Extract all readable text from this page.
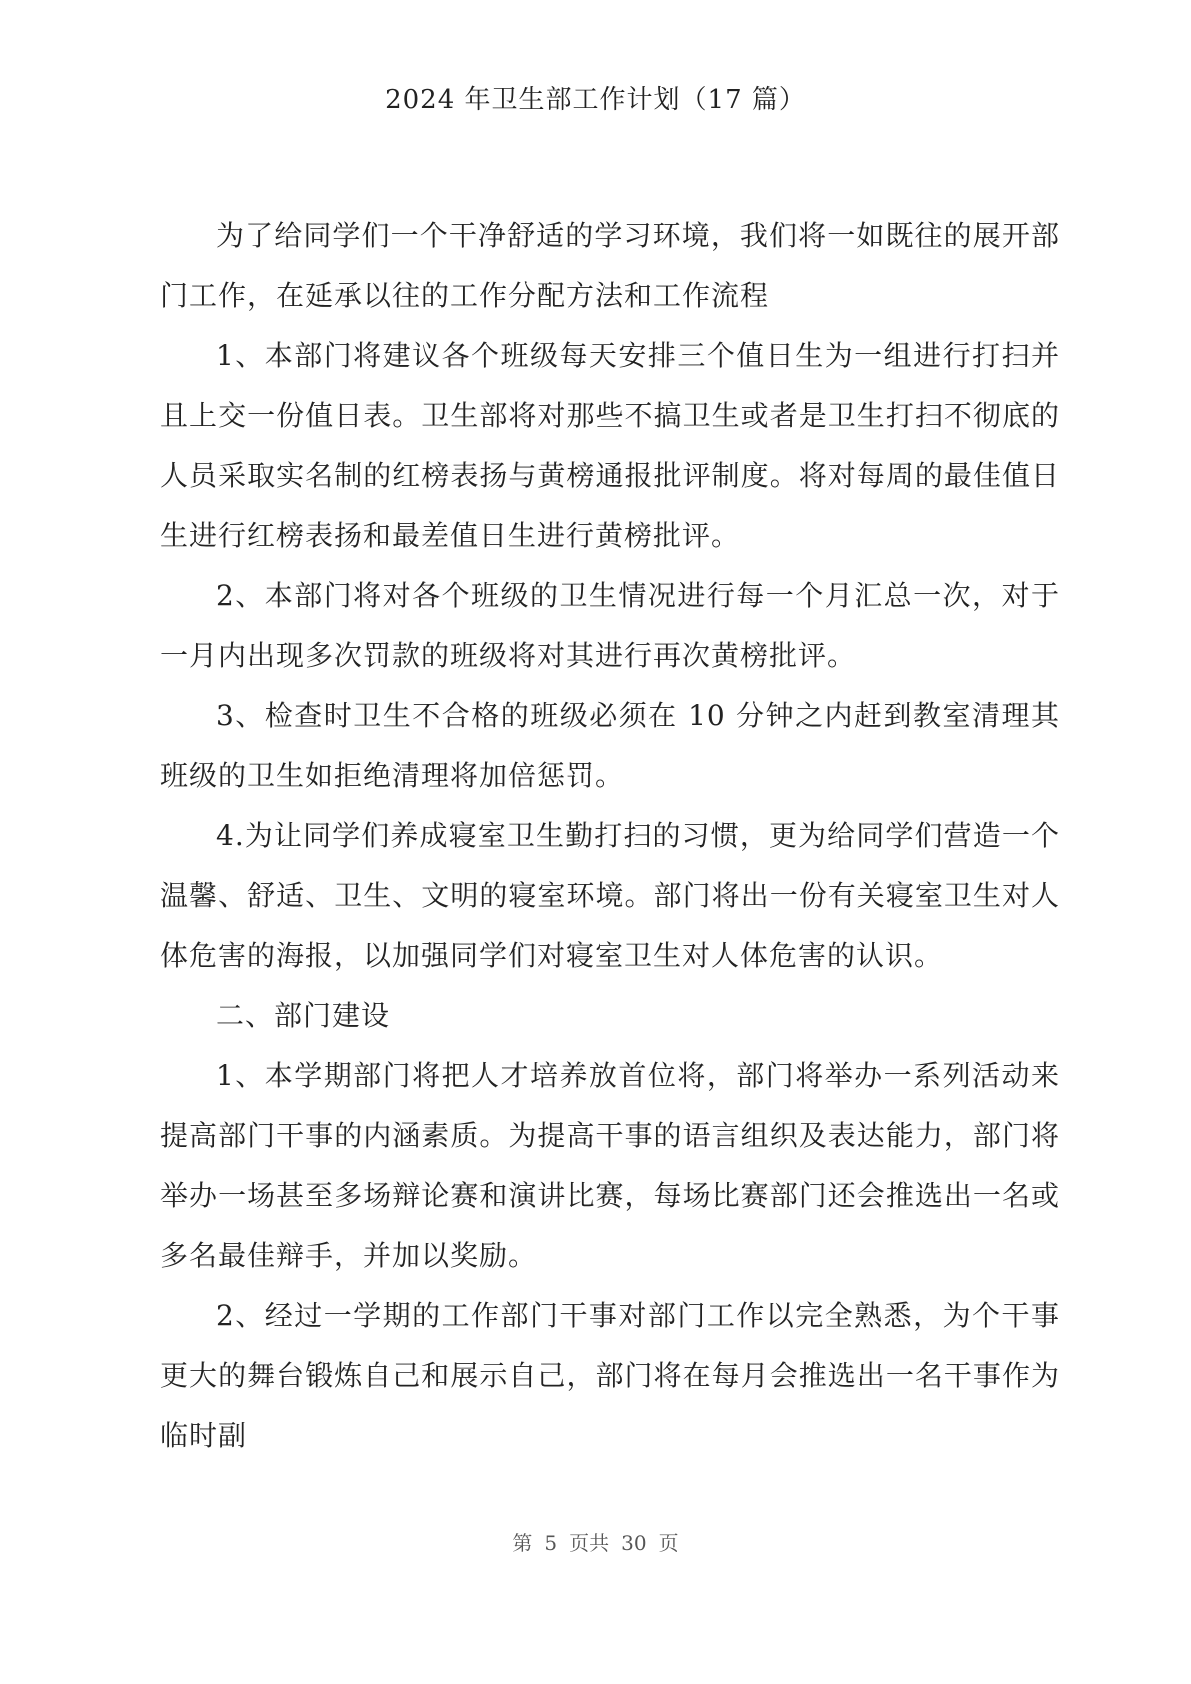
2024 年卫生部工作计划（17 篇）

为了给同学们一个干净舒适的学习环境，我们将一如既往的展开部门工作，在延承以往的工作分配方法和工作流程

1、本部门将建议各个班级每天安排三个值日生为一组进行打扫并且上交一份值日表。卫生部将对那些不搞卫生或者是卫生打扫不彻底的人员采取实名制的红榜表扬与黄榜通报批评制度。将对每周的最佳值日生进行红榜表扬和最差值日生进行黄榜批评。

2、本部门将对各个班级的卫生情况进行每一个月汇总一次，对于一月内出现多次罚款的班级将对其进行再次黄榜批评。

3、检查时卫生不合格的班级必须在 10 分钟之内赶到教室清理其班级的卫生如拒绝清理将加倍惩罚。

4.为让同学们养成寝室卫生勤打扫的习惯，更为给同学们营造一个温馨、舒适、卫生、文明的寝室环境。部门将出一份有关寝室卫生对人体危害的海报，以加强同学们对寝室卫生对人体危害的认识。

二、部门建设

1、本学期部门将把人才培养放首位将，部门将举办一系列活动来提高部门干事的内涵素质。为提高干事的语言组织及表达能力，部门将举办一场甚至多场辩论赛和演讲比赛，每场比赛部门还会推选出一名或多名最佳辩手，并加以奖励。

2、经过一学期的工作部门干事对部门工作以完全熟悉，为个干事更大的舞台锻炼自己和展示自己，部门将在每月会推选出一名干事作为临时副

第 5 页共 30 页
